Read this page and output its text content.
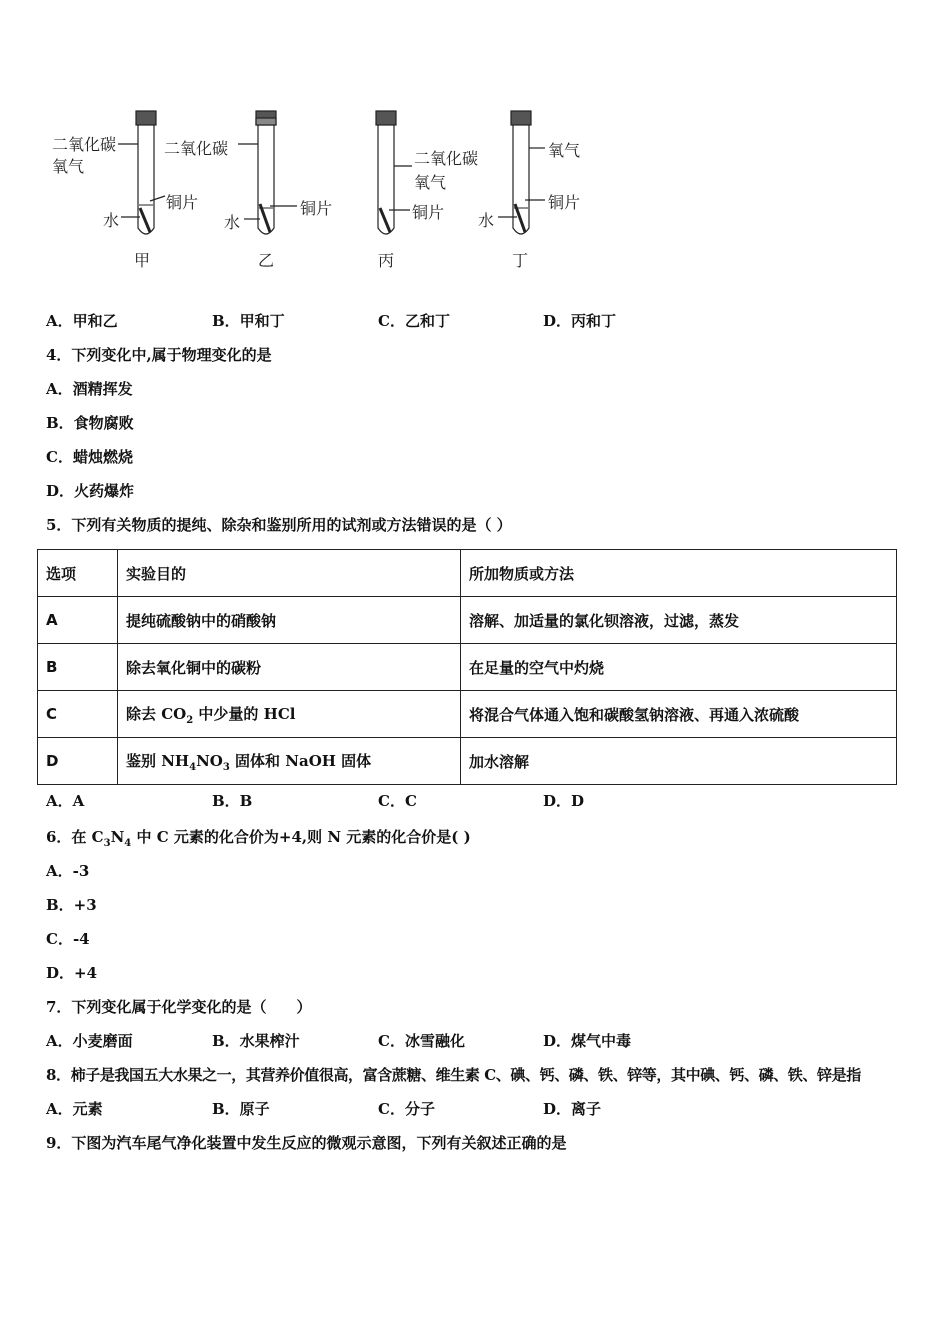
二氧化碳
氧气
铜片
水
甲
二氧化碳
铜片
水
乙
二氧化碳
氧气
铜片
丙
氧气
铜片
水
丁
A．甲和乙	B．甲和丁	C．乙和丁	D．丙和丁
4．下列变化中,属于物理变化的是
A．酒精挥发
B．食物腐败
C．蜡烛燃烧
D．火药爆炸
5．下列有关物质的提纯、除杂和鉴别所用的试剂或方法错误的是（ ）
选项	实验目的	所加物质或方法
A	提纯硫酸钠中的硝酸钠	溶解、加适量的氯化钡溶液，过滤，蒸发
B	除去氧化铜中的碳粉	在足量的空气中灼烧
C	除去 $CO_2$ 中少量的 HCl	将混合气体通入饱和碳酸氢钠溶液、再通入浓硫酸
D	鉴别 $NH_4NO_3$ 固体和 NaOH 固体	加水溶解
A．A	B．B	C．C	D．D
6．在 $C_3N_4$ 中 C 元素的化合价为+4,则 N 元素的化合价是( )
A．-3
B．+3
C．-4
D．+4
7．下列变化属于化学变化的是（　　）
A．小麦磨面	B．水果榨汁	C．冰雪融化	D．煤气中毒
8．柿子是我国五大水果之一，其营养价值很高，富含蔗糖、维生素 C、碘、钙、磷、铁、锌等，其中碘、钙、磷、铁、锌是指
A．元素	B．原子	C．分子	D．离子
9．下图为汽车尾气净化装置中发生反应的微观示意图，下列有关叙述正确的是
